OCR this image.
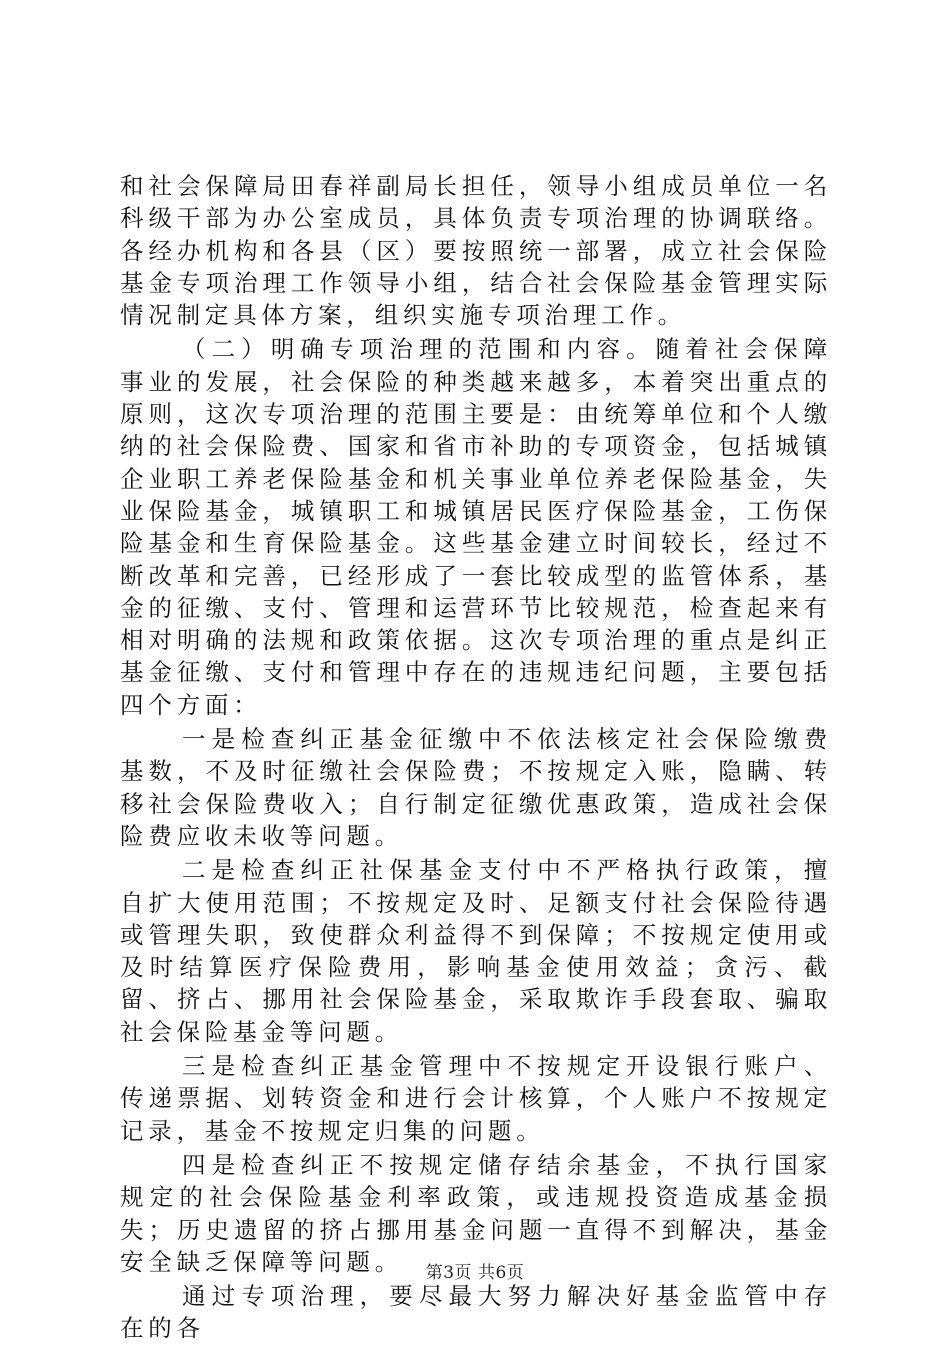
和社会保障局田春祥副局长担任，领导小组成员单位一名科级干部为办公室成员，具体负责专项治理的协调联络。各经办机构和各县（区）要按照统一部署，成立社会保险基金专项治理工作领导小组，结合社会保险基金管理实际情况制定具体方案，组织实施专项治理工作。

（二）明确专项治理的范围和内容。随着社会保障事业的发展，社会保险的种类越来越多，本着突出重点的原则，这次专项治理的范围主要是：由统筹单位和个人缴纳的社会保险费、国家和省市补助的专项资金，包括城镇企业职工养老保险基金和机关事业单位养老保险基金，失业保险基金，城镇职工和城镇居民医疗保险基金，工伤保险基金和生育保险基金。这些基金建立时间较长，经过不断改革和完善，已经形成了一套比较成型的监管体系，基金的征缴、支付、管理和运营环节比较规范，检查起来有相对明确的法规和政策依据。这次专项治理的重点是纠正基金征缴、支付和管理中存在的违规违纪问题，主要包括四个方面：

一是检查纠正基金征缴中不依法核定社会保险缴费基数，不及时征缴社会保险费；不按规定入账，隐瞒、转移社会保险费收入；自行制定征缴优惠政策，造成社会保险费应收未收等问题。

二是检查纠正社保基金支付中不严格执行政策，擅自扩大使用范围；不按规定及时、足额支付社会保险待遇或管理失职，致使群众利益得不到保障；不按规定使用或及时结算医疗保险费用，影响基金使用效益；贪污、截留、挤占、挪用社会保险基金，采取欺诈手段套取、骗取社会保险基金等问题。

三是检查纠正基金管理中不按规定开设银行账户、传递票据、划转资金和进行会计核算，个人账户不按规定记录，基金不按规定归集的问题。

四是检查纠正不按规定储存结余基金，不执行国家规定的社会保险基金利率政策，或违规投资造成基金损失；历史遗留的挤占挪用基金问题一直得不到解决，基金安全缺乏保障等问题。

通过专项治理，要尽最大努力解决好基金监管中存在的各

第3页 共6页
